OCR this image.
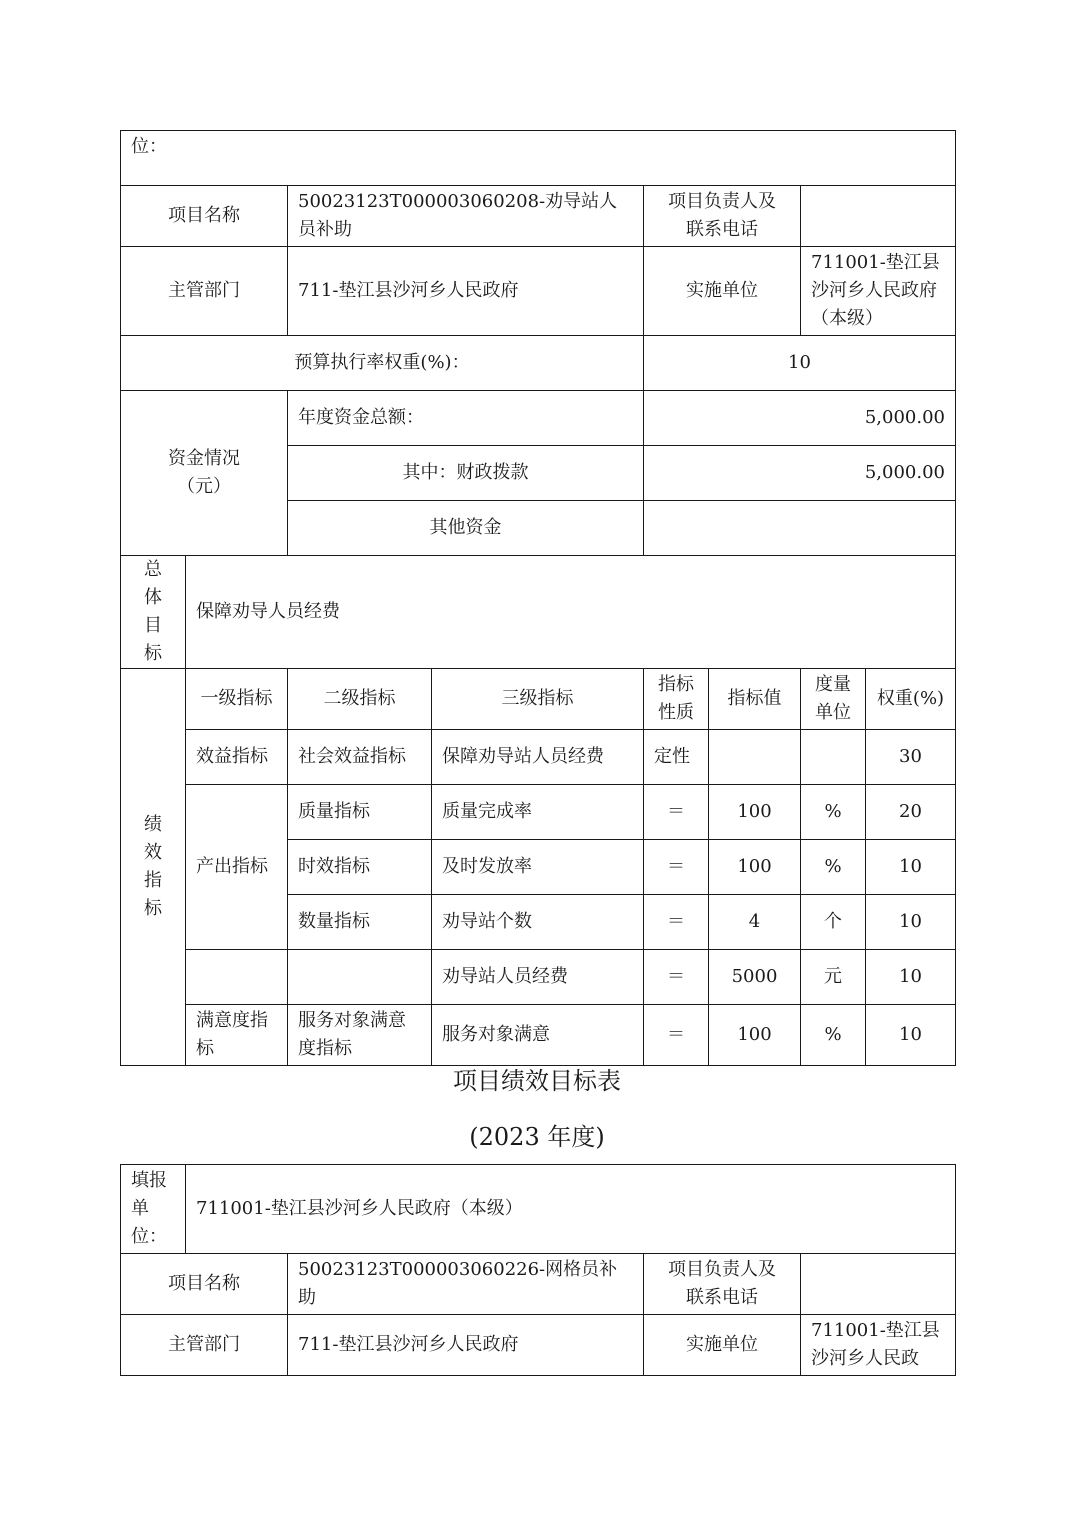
位：							
项目名称		50023123T000003060208-劝导站人员补助		项目负责人及联系电话			
主管部门		711-垫江县沙河乡人民政府		实施单位		711001-垫江县沙河乡人民政府（本级）	
预算执行率权重(%)：				10			
资金情况（元）		年度资金总额：		5,000.00			
		其中：财政拨款		5,000.00			
		其他资金					

总
体
目
标	保障劝导人员经费						

绩
效
指
标	一级指标	二级指标	三级指标	指标性质	指标值	度量单位	权重(%)
	效益指标	社会效益指标	保障劝导站人员经费	定性			30
	产出指标	质量指标	质量完成率	＝	100	%	20
		时效指标	及时发放率	＝	100	%	10
		数量指标	劝导站个数	＝	4	个	10
			劝导站人员经费	＝	5000	元	10
	满意度指标	服务对象满意度指标	服务对象满意	＝	100	%	10
项目绩效目标表
(2023 年度)
填报单位：	711001-垫江县沙河乡人民政府（本级）			
项目名称		50023123T000003060226-网格员补助	项目负责人及联系电话	
主管部门		711-垫江县沙河乡人民政府	实施单位	711001-垫江县沙河乡人民政
